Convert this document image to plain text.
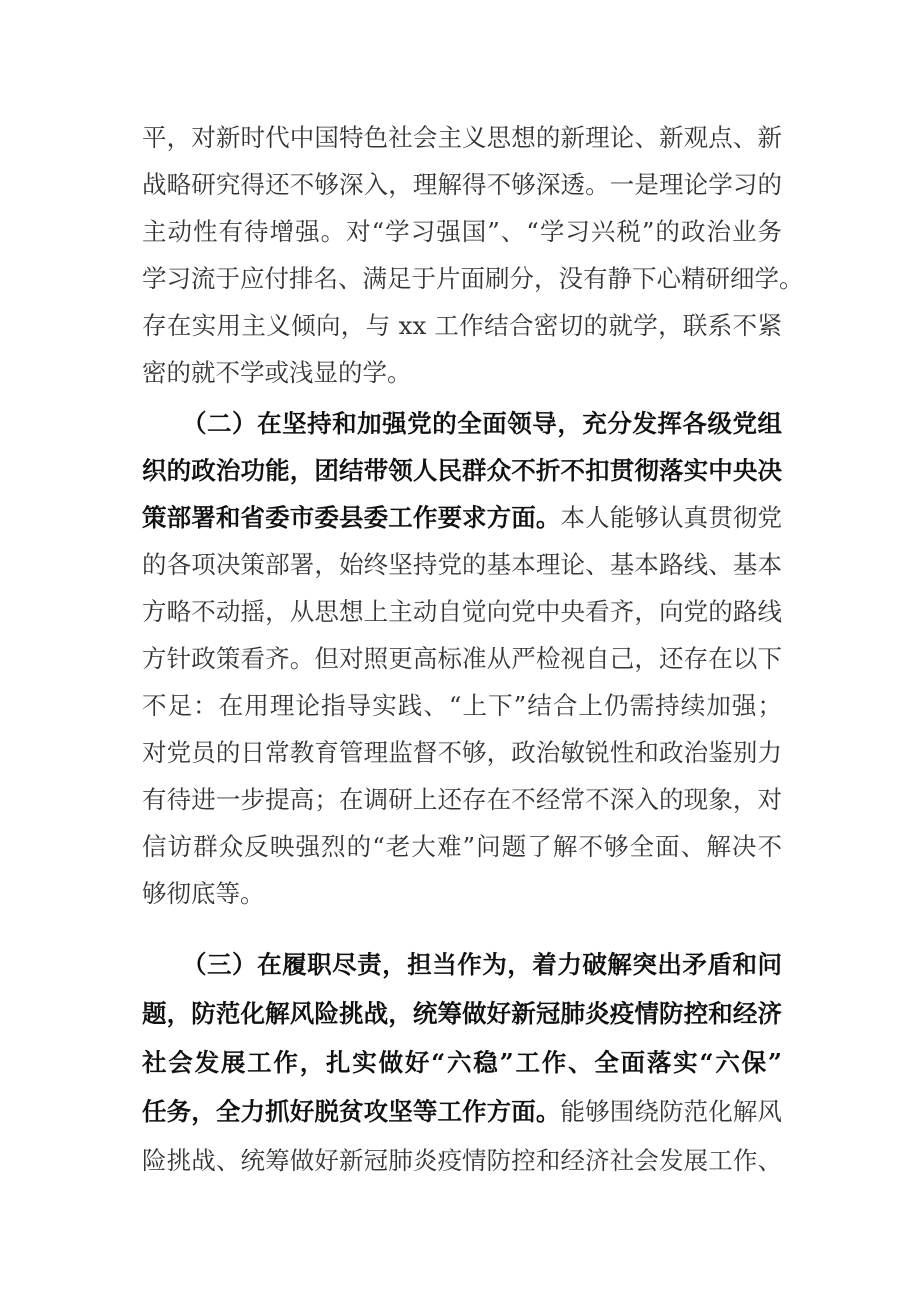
平，对新时代中国特色社会主义思想的新理论、新观点、新
战略研究得还不够深入，理解得不够深透。一是理论学习的
主动性有待增强。对“学习强国”、“学习兴税”的政治业务
学习流于应付排名、满足于片面刷分，没有静下心精研细学。
存在实用主义倾向，与 xx 工作结合密切的就学，联系不紧
密的就不学或浅显的学。
（二）在坚持和加强党的全面领导，充分发挥各级党组
织的政治功能，团结带领人民群众不折不扣贯彻落实中央决
策部署和省委市委县委工作要求方面。本人能够认真贯彻党
的各项决策部署，始终坚持党的基本理论、基本路线、基本
方略不动摇，从思想上主动自觉向党中央看齐，向党的路线
方针政策看齐。但对照更高标准从严检视自己，还存在以下
不足：在用理论指导实践、“上下”结合上仍需持续加强；
对党员的日常教育管理监督不够，政治敏锐性和政治鉴别力
有待进一步提高；在调研上还存在不经常不深入的现象，对
信访群众反映强烈的“老大难”问题了解不够全面、解决不
够彻底等。
（三）在履职尽责，担当作为，着力破解突出矛盾和问
题，防范化解风险挑战，统筹做好新冠肺炎疫情防控和经济
社会发展工作，扎实做好“六稳”工作、全面落实“六保”
任务，全力抓好脱贫攻坚等工作方面。能够围绕防范化解风
险挑战、统筹做好新冠肺炎疫情防控和经济社会发展工作、
